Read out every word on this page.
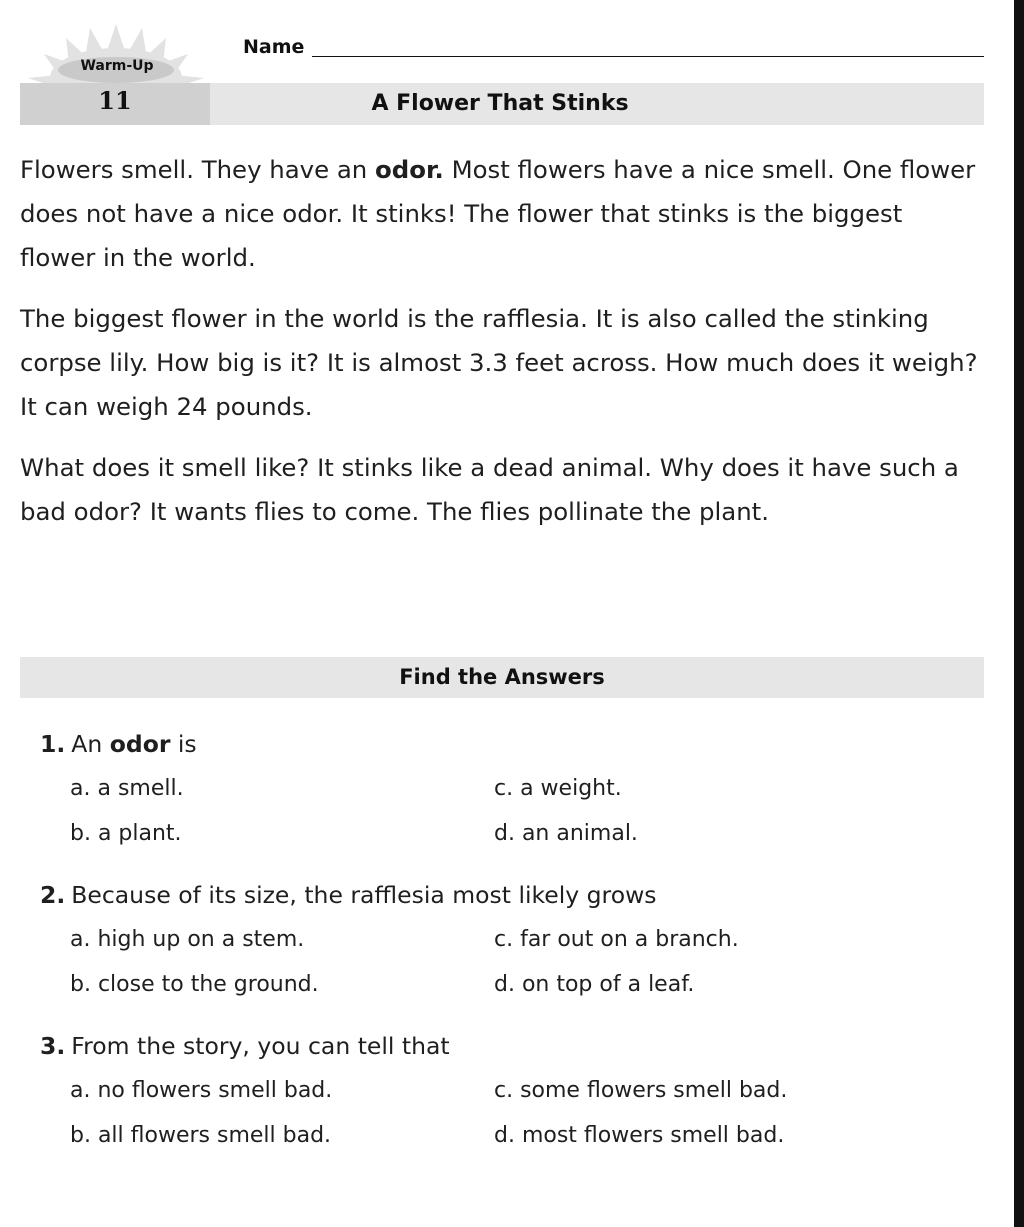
Warm-Up
Name
11	A Flower That Stinks

Flowers smell. They have an odor. Most flowers have a nice smell. One flower does not have a nice odor. It stinks! The flower that stinks is the biggest flower in the world.

The biggest flower in the world is the rafflesia. It is also called the stinking corpse lily. How big is it? It is almost 3.3 feet across. How much does it weigh? It can weigh 24 pounds.

What does it smell like? It stinks like a dead animal. Why does it have such a bad odor? It wants flies to come. The flies pollinate the plant.

Find the Answers
1. An odor is
a. a smell.	c. a weight.
b. a plant.	d. an animal.
2. Because of its size, the rafflesia most likely grows
a. high up on a stem.	c. far out on a branch.
b. close to the ground.	d. on top of a leaf.
3. From the story, you can tell that
a. no flowers smell bad.	c. some flowers smell bad.
b. all flowers smell bad.	d. most flowers smell bad.
